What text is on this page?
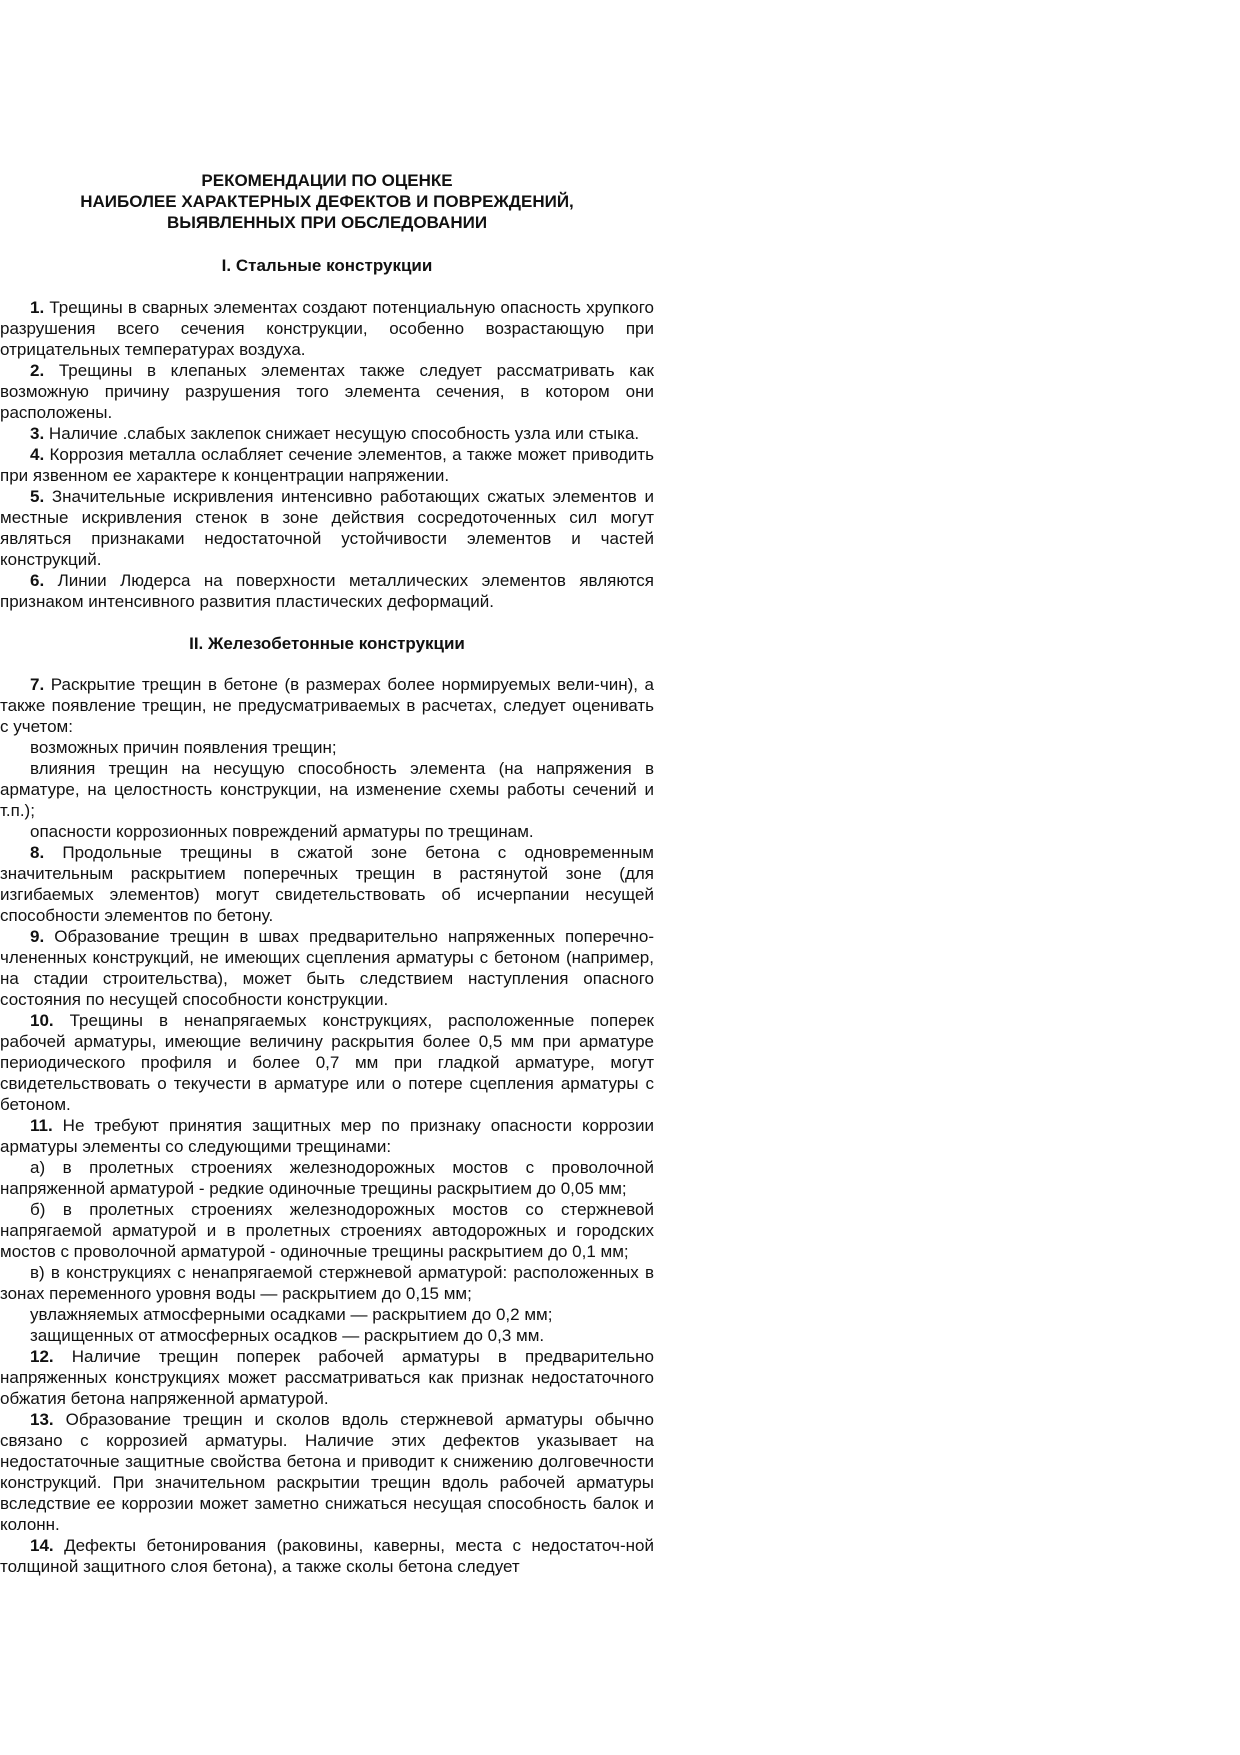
РЕКОМЕНДАЦИИ ПО ОЦЕНКЕ
НАИБОЛЕЕ ХАРАКТЕРНЫХ ДЕФЕКТОВ И ПОВРЕЖДЕНИЙ,
ВЫЯВЛЕННЫХ ПРИ ОБСЛЕДОВАНИИ
I. Стальные конструкции

1. Трещины в сварных элементах создают потенциальную опасность хрупкого разрушения всего сечения конструкции, особенно возрастающую при отрицательных температурах воздуха.

2. Трещины в клепаных элементах также следует рассматривать как возможную причину разрушения того элемента сечения, в котором они расположены.

3. Наличие .слабых заклепок снижает несущую способность узла или стыка.

4. Коррозия металла ослабляет сечение элементов, а также может приводить при язвенном ее характере к концентрации напряжении.

5. Значительные искривления интенсивно работающих сжатых элементов и местные искривления стенок в зоне действия сосредоточенных сил могут являться признаками недостаточной устойчивости элементов и частей конструкций.

6. Линии Людерса на поверхности металлических элементов являются признаком интенсивного развития пластических деформаций.

II. Железобетонные конструкции

7. Раскрытие трещин в бетоне (в размерах более нормируемых вели-чин), а также появление трещин, не предусматриваемых в расчетах, следует оценивать с учетом:

возможных причин появления трещин;

влияния трещин на несущую способность элемента (на напряжения в арматуре, на целостность конструкции, на изменение схемы работы сечений и т.п.);

опасности коррозионных повреждений арматуры по трещинам.

8. Продольные трещины в сжатой зоне бетона с одновременным значительным раскрытием поперечных трещин в растянутой зоне (для изгибаемых элементов) могут свидетельствовать об исчерпании несущей способности элементов по бетону.

9. Образование трещин в швах предварительно напряженных поперечно-члененных конструкций, не имеющих сцепления арматуры с бетоном (например, на стадии строительства), может быть следствием наступления опасного состояния по несущей способности конструкции.

10. Трещины в ненапрягаемых конструкциях, расположенные поперек рабочей арматуры, имеющие величину раскрытия более 0,5 мм при арматуре периодического профиля и более 0,7 мм при гладкой арматуре, могут свидетельствовать о текучести в арматуре или о потере сцепления арматуры с бетоном.

11. Не требуют принятия защитных мер по признаку опасности коррозии арматуры элементы со следующими трещинами:

а) в пролетных строениях железнодорожных мостов с проволочной напряженной арматурой - редкие одиночные трещины раскрытием до 0,05 мм;

б) в пролетных строениях железнодорожных мостов со стержневой напрягаемой арматурой и в пролетных строениях автодорожных и городских мостов с проволочной арматурой - одиночные трещины раскрытием до 0,1 мм;

в) в конструкциях с ненапрягаемой стержневой арматурой: расположенных в зонах переменного уровня воды — раскрытием до 0,15 мм;

увлажняемых атмосферными осадками — раскрытием до 0,2 мм;

защищенных от атмосферных осадков — раскрытием до 0,3 мм.

12. Наличие трещин поперек рабочей арматуры в предварительно напряженных конструкциях может рассматриваться как признак недостаточного обжатия бетона напряженной арматурой.

13. Образование трещин и сколов вдоль стержневой арматуры обычно связано с коррозией арматуры. Наличие этих дефектов указывает на недостаточные защитные свойства бетона и приводит к снижению долговечности конструкций. При значительном раскрытии трещин вдоль рабочей арматуры вследствие ее коррозии может заметно снижаться несущая способность балок и колонн.

14. Дефекты бетонирования (раковины, каверны, места с недостаточ-ной толщиной защитного слоя бетона), а также сколы бетона следует
